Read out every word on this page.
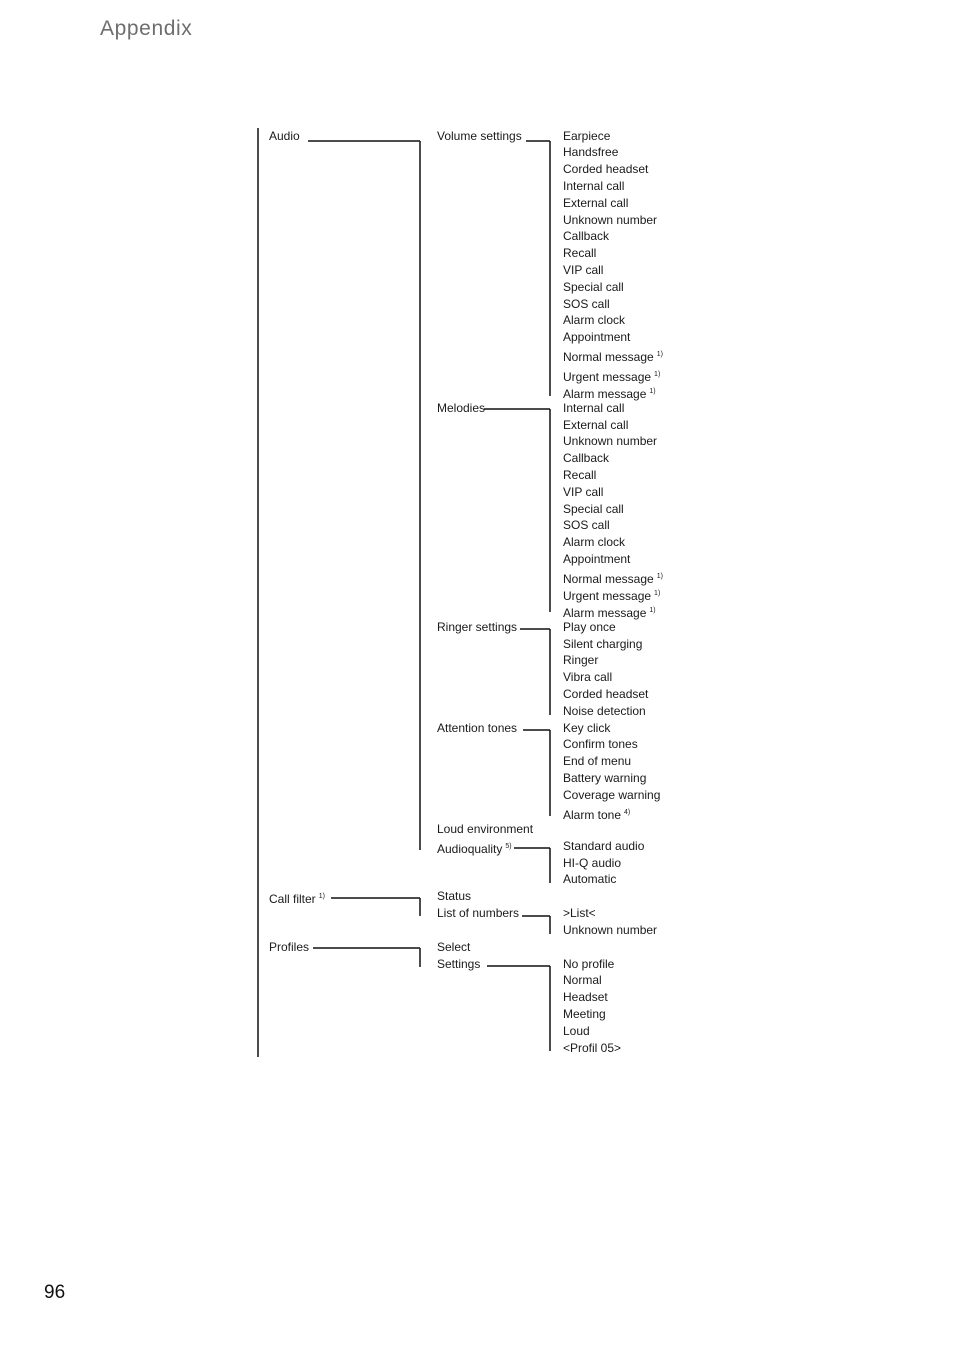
Appendix
Audio
Call filter $^{1)}$
Profiles
Volume settings
Melodies
Ringer settings
Attention tones
Loud environment
Audioquality $^{5)}$
Status
List of numbers
Select
Settings
Earpiece
Handsfree
Corded headset
Internal call
External call
Unknown number
Callback
Recall
VIP call
Special call
SOS call
Alarm clock
Appointment
Normal message $^{1)}$
Urgent message $^{1)}$
Alarm message $^{1)}$
Internal call
External call
Unknown number
Callback
Recall
VIP call
Special call
SOS call
Alarm clock
Appointment
Normal message $^{1)}$
Urgent message $^{1)}$
Alarm message $^{1)}$
Play once
Silent charging
Ringer
Vibra call
Corded headset
Noise detection
Key click
Confirm tones
End of menu
Battery warning
Coverage warning
Alarm tone $^{4)}$
Standard audio
HI-Q audio
Automatic
>List<
Unknown number
No profile
Normal
Headset
Meeting
Loud
<Profil 05>
96
